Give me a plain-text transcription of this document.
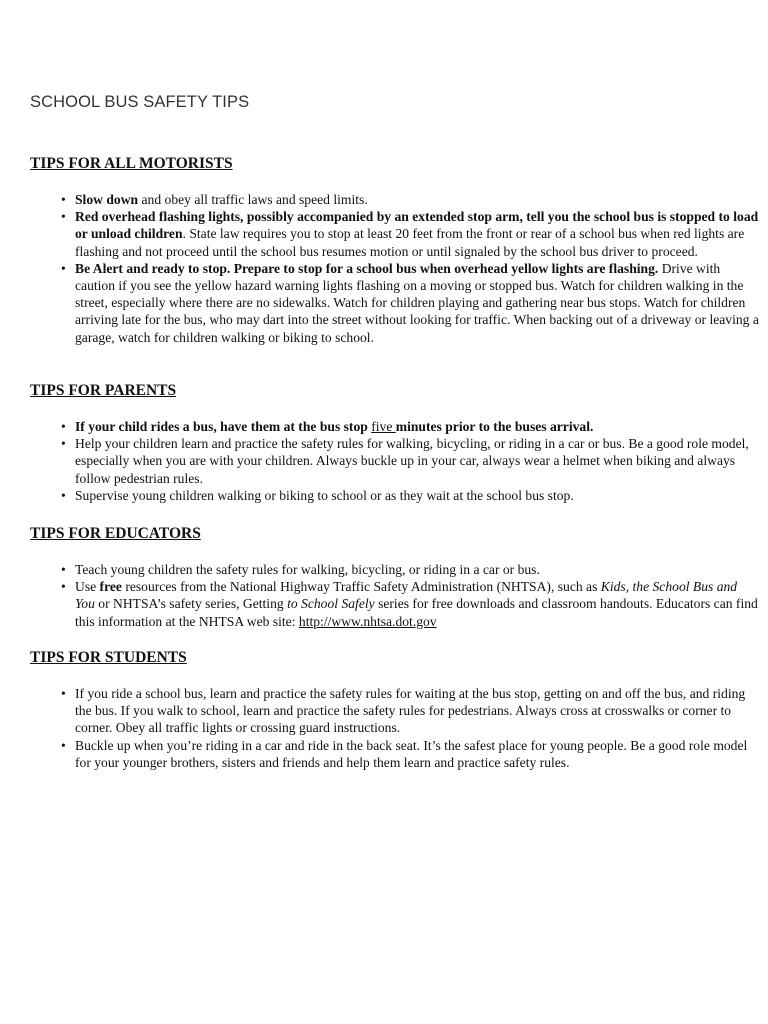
SCHOOL BUS SAFETY TIPS
TIPS FOR ALL MOTORISTS
• Slow down and obey all traffic laws and speed limits.
• Red overhead flashing lights, possibly accompanied by an extended stop arm, tell you the school bus is stopped to load or unload children. State law requires you to stop at least 20 feet from the front or rear of a school bus when red lights are flashing and not proceed until the school bus resumes motion or until signaled by the school bus driver to proceed.
• Be Alert and ready to stop. Prepare to stop for a school bus when overhead yellow lights are flashing. Drive with caution if you see the yellow hazard warning lights flashing on a moving or stopped bus. Watch for children walking in the street, especially where there are no sidewalks. Watch for children playing and gathering near bus stops. Watch for children arriving late for the bus, who may dart into the street without looking for traffic. When backing out of a driveway or leaving a garage, watch for children walking or biking to school.
TIPS FOR PARENTS
• If your child rides a bus, have them at the bus stop five minutes prior to the buses arrival.
• Help your children learn and practice the safety rules for walking, bicycling, or riding in a car or bus. Be a good role model, especially when you are with your children. Always buckle up in your car, always wear a helmet when biking and always follow pedestrian rules.
• Supervise young children walking or biking to school or as they wait at the school bus stop.
TIPS FOR EDUCATORS
• Teach young children the safety rules for walking, bicycling, or riding in a car or bus.
• Use free resources from the National Highway Traffic Safety Administration (NHTSA), such as Kids, the School Bus and You or NHTSA’s safety series, Getting to School Safely series for free downloads and classroom handouts. Educators can find this information at the NHTSA web site: http://www.nhtsa.dot.gov
TIPS FOR STUDENTS
• If you ride a school bus, learn and practice the safety rules for waiting at the bus stop, getting on and off the bus, and riding the bus. If you walk to school, learn and practice the safety rules for pedestrians. Always cross at crosswalks or corner to corner. Obey all traffic lights or crossing guard instructions.
• Buckle up when you’re riding in a car and ride in the back seat. It’s the safest place for young people. Be a good role model for your younger brothers, sisters and friends and help them learn and practice safety rules.
